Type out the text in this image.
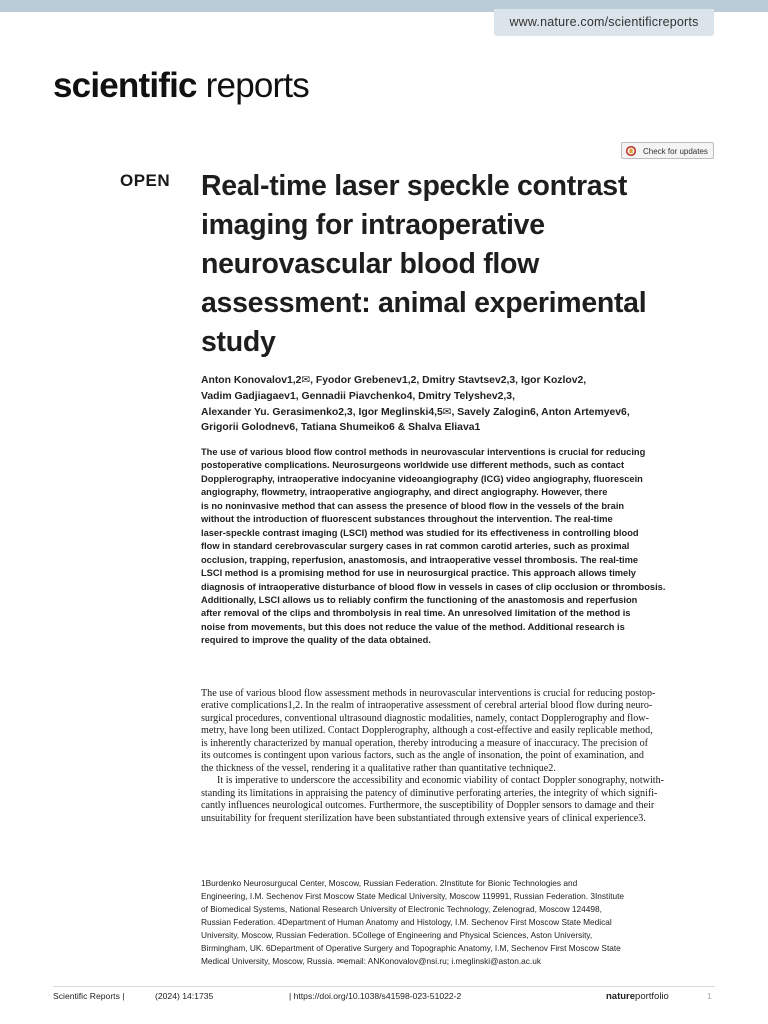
www.nature.com/scientificreports
scientific reports
Check for updates
OPEN Real-time laser speckle contrast
imaging for intraoperative
neurovascular blood flow
assessment: animal experimental
study
Anton Konovalov1,2✉, Fyodor Grebenev1,2, Dmitry Stavtsev2,3, Igor Kozlov2,
Vadim Gadjiagaev1, Gennadii Piavchenko4, Dmitry Telyshev2,3,
Alexander Yu. Gerasimenko2,3, Igor Meglinski4,5✉, Savely Zalogin6, Anton Artemyev6,
Grigorii Golodnev6, Tatiana Shumeiko6 & Shalva Eliava1
The use of various blood flow control methods in neurovascular interventions is crucial for reducing
postoperative complications. Neurosurgeons worldwide use different methods, such as contact
Dopplerography, intraoperative indocyanine videoangiography (ICG) video angiography, fluorescein
angiography, flowmetry, intraoperative angiography, and direct angiography. However, there
is no noninvasive method that can assess the presence of blood flow in the vessels of the brain
without the introduction of fluorescent substances throughout the intervention. The real-time
laser-speckle contrast imaging (LSCI) method was studied for its effectiveness in controlling blood
flow in standard cerebrovascular surgery cases in rat common carotid arteries, such as proximal
occlusion, trapping, reperfusion, anastomosis, and intraoperative vessel thrombosis. The real-time
LSCI method is a promising method for use in neurosurgical practice. This approach allows timely
diagnosis of intraoperative disturbance of blood flow in vessels in cases of clip occlusion or thrombosis.
Additionally, LSCI allows us to reliably confirm the functioning of the anastomosis and reperfusion
after removal of the clips and thrombolysis in real time. An unresolved limitation of the method is
noise from movements, but this does not reduce the value of the method. Additional research is
required to improve the quality of the data obtained.
The use of various blood flow assessment methods in neurovascular interventions is crucial for reducing postop-
erative complications1,2. In the realm of intraoperative assessment of cerebral arterial blood flow during neuro-
surgical procedures, conventional ultrasound diagnostic modalities, namely, contact Dopplerography and flow-
metry, have long been utilized. Contact Dopplerography, although a cost-effective and easily replicable method,
is inherently characterized by manual operation, thereby introducing a measure of inaccuracy. The precision of
its outcomes is contingent upon various factors, such as the angle of insonation, the point of examination, and
the thickness of the vessel, rendering it a qualitative rather than quantitative technique2.
It is imperative to underscore the accessibility and economic viability of contact Doppler sonography, notwith-
standing its limitations in appraising the patency of diminutive perforating arteries, the integrity of which signifi-
cantly influences neurological outcomes. Furthermore, the susceptibility of Doppler sensors to damage and their
unsuitability for frequent sterilization have been substantiated through extensive years of clinical experience3.
1Burdenko Neurosurgucal Center, Moscow, Russian Federation. 2Institute for Bionic Technologies and
Engineering, I.M. Sechenov First Moscow State Medical University, Moscow 119991, Russian Federation. 3Institute
of Biomedical Systems, National Research University of Electronic Technology, Zelenograd, Moscow 124498,
Russian Federation. 4Department of Human Anatomy and Histology, I.M. Sechenov First Moscow State Medical
University, Moscow, Russian Federation. 5College of Engineering and Physical Sciences, Aston University,
Birmingham, UK. 6Department of Operative Surgery and Topographic Anatomy, I.M, Sechenov First Moscow State
Medical University, Moscow, Russia. ✉email: ANKonovalov@nsi.ru; i.meglinski@aston.ac.uk
Scientific Reports |	(2024) 14:1735	| https://doi.org/10.1038/s41598-023-51022-2	natureportfolio	1
